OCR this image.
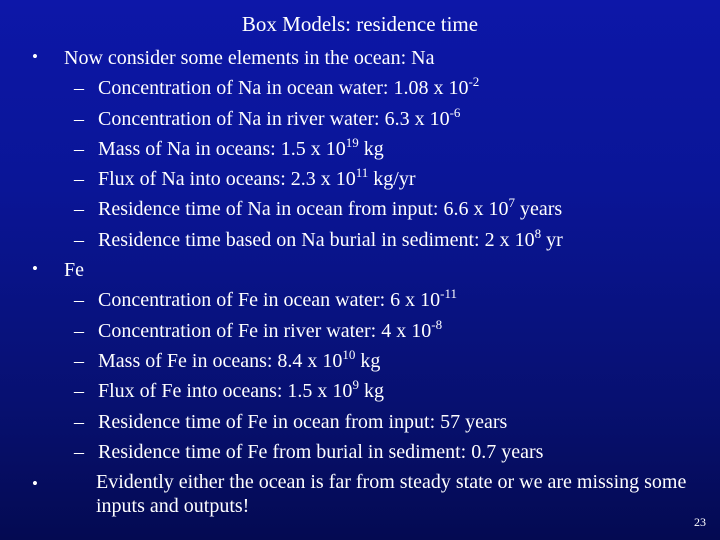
Box Models: residence time
• Now consider some elements in the ocean: Na
– Concentration of Na in ocean water: 1.08 x $10^{-2}$
– Concentration of Na in river water: 6.3 x $10^{-6}$
– Mass of Na in oceans: 1.5 x $10^{19}$ kg
– Flux of Na into oceans: 2.3 x $10^{11}$ kg/yr
– Residence time of Na in ocean from input: 6.6 x $10^7$ years
– Residence time based on Na burial in sediment: 2 x $10^8$ yr
• Fe
– Concentration of Fe in ocean water: 6 x $10^{-11}$
– Concentration of Fe in river water: 4 x $10^{-8}$
– Mass of Fe in oceans: 8.4 x $10^{10}$ kg
– Flux of Fe into oceans: 1.5 x $10^9$ kg
– Residence time of Fe in ocean from input: 57 years
– Residence time of Fe from burial in sediment: 0.7 years
•	Evidently either the ocean is far from steady state or we are missing some inputs and outputs!
23
